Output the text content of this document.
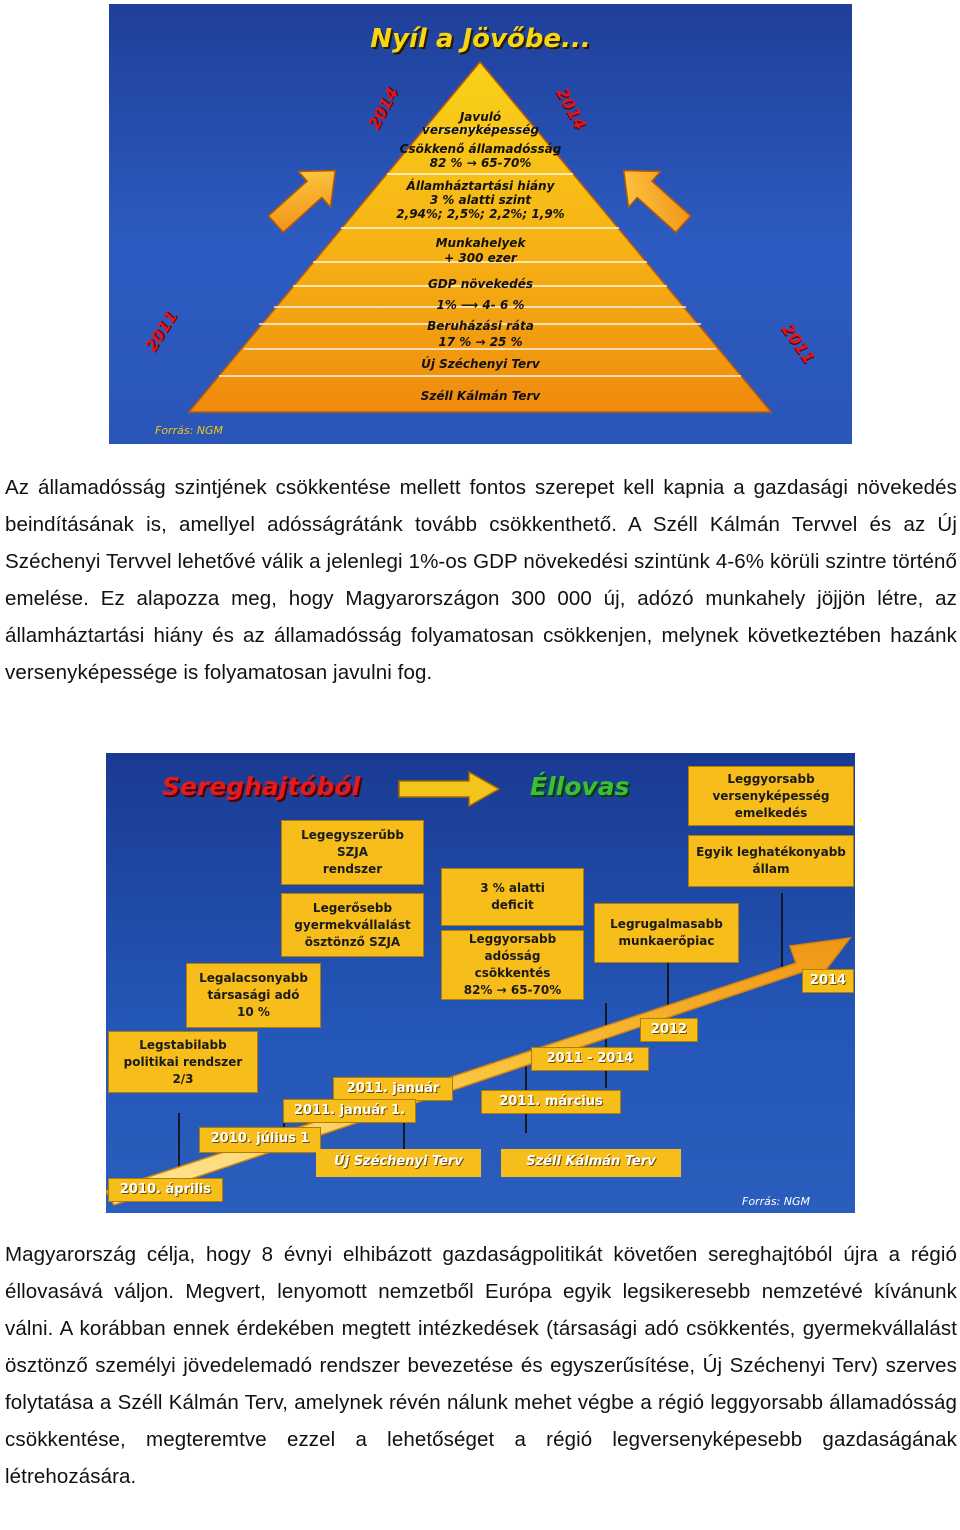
Nyíl a Jövőbe...
Javuló
versenyképesség
Csökkenő államadósság
82 % → 65-70%
Államháztartási hiány
3 % alatti szint
2,94%; 2,5%; 2,2%; 1,9%
Munkahelyek
+ 300 ezer
GDP növekedés
1% ⟶ 4- 6 %
Beruházási ráta
17 % → 25 %
Új Széchenyi Terv
Széll Kálmán Terv
2014	2014
2011	2011
Forrás: NGM

Az államadósság szintjének csökkentése mellett fontos szerepet kell kapnia a gazdasági növekedés beindításának is, amellyel adósságrátánk tovább csökkenthető. A Széll Kálmán Tervvel és az Új Széchenyi Tervvel lehetővé válik a jelenlegi 1%-os GDP növekedési szintünk 4-6% körüli szintre történő emelése. Ez alapozza meg, hogy Magyarországon 300 000 új, adózó munkahely jöjjön létre, az államháztartási hiány és az államadósság folyamatosan csökkenjen, melynek következtében hazánk versenyképessége is folyamatosan javulni fog.

Sereghajtóból	Éllovas	Leggyorsabb
versenyképesség
emelkedés
Egyik leghatékonyabb
állam
Legegyszerűbb
SZJA
rendszer
Legerősebb
gyermekvállalást
ösztönző SZJA
3 % alatti
deficit
Leggyorsabb
adósság
csökkentés
82% → 65-70%
Legrugalmasabb
munkaerőpiac
Legalacsonyabb
társasági adó
10 %
Legstabilabb
politikai rendszer
2/3
2014
2012
2011 - 2014
2011. január
2011. március
2011. január 1.
2010. július 1
2010. április
Új Széchenyi Terv	Széll Kálmán Terv
Forrás: NGM

Magyarország célja, hogy 8 évnyi elhibázott gazdaságpolitikát követően sereghajtóból újra a régió éllovasává váljon. Megvert, lenyomott nemzetből Európa egyik legsikeresebb nemzetévé kívánunk válni. A korábban ennek érdekében megtett intézkedések (társasági adó csökkentés, gyermekvállalást ösztönző személyi jövedelemadó rendszer bevezetése és egyszerűsítése, Új Széchenyi Terv) szerves folytatása a Széll Kálmán Terv, amelynek révén nálunk mehet végbe a régió leggyorsabb államadósság csökkentése, megteremtve ezzel a lehetőséget a régió legversenyképesebb gazdaságának létrehozására.
